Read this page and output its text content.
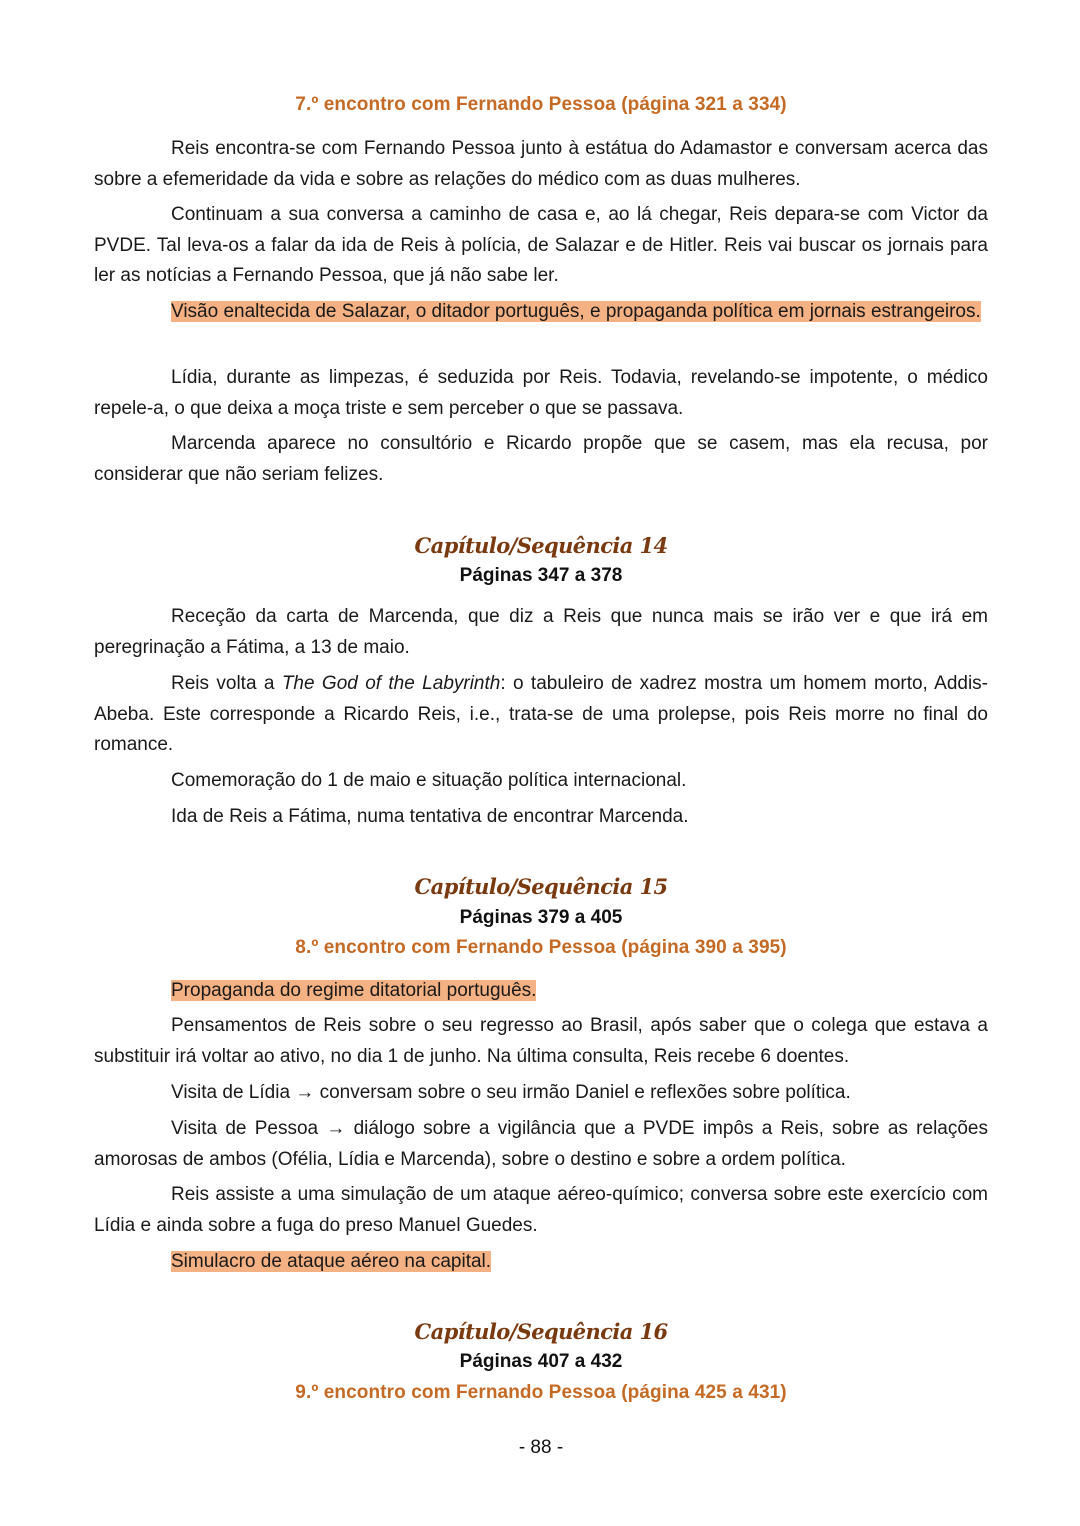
7.º encontro com Fernando Pessoa (página 321 a 334)

Reis encontra-se com Fernando Pessoa junto à estátua do Adamastor e conversam acerca das sobre a efemeridade da vida e sobre as relações do médico com as duas mulheres.

Continuam a sua conversa a caminho de casa e, ao lá chegar, Reis depara-se com Victor da PVDE. Tal leva-os a falar da ida de Reis à polícia, de Salazar e de Hitler. Reis vai buscar os jornais para ler as notícias a Fernando Pessoa, que já não sabe ler.

Visão enaltecida de Salazar, o ditador português, e propaganda política em jornais estrangeiros.

Lídia, durante as limpezas, é seduzida por Reis. Todavia, revelando-se impotente, o médico repele-a, o que deixa a moça triste e sem perceber o que se passava.

Marcenda aparece no consultório e Ricardo propõe que se casem, mas ela recusa, por considerar que não seriam felizes.

Capítulo/Sequência 14
Páginas 347 a 378

Receção da carta de Marcenda, que diz a Reis que nunca mais se irão ver e que irá em peregrinação a Fátima, a 13 de maio.

Reis volta a The God of the Labyrinth: o tabuleiro de xadrez mostra um homem morto, Addis-Abeba. Este corresponde a Ricardo Reis, i.e., trata-se de uma prolepse, pois Reis morre no final do romance.

Comemoração do 1 de maio e situação política internacional.

Ida de Reis a Fátima, numa tentativa de encontrar Marcenda.

Capítulo/Sequência 15
Páginas 379 a 405
8.º encontro com Fernando Pessoa (página 390 a 395)

Propaganda do regime ditatorial português.

Pensamentos de Reis sobre o seu regresso ao Brasil, após saber que o colega que estava a substituir irá voltar ao ativo, no dia 1 de junho. Na última consulta, Reis recebe 6 doentes.

Visita de Lídia → conversam sobre o seu irmão Daniel e reflexões sobre política.

Visita de Pessoa → diálogo sobre a vigilância que a PVDE impôs a Reis, sobre as relações amorosas de ambos (Ofélia, Lídia e Marcenda), sobre o destino e sobre a ordem política.

Reis assiste a uma simulação de um ataque aéreo-químico; conversa sobre este exercício com Lídia e ainda sobre a fuga do preso Manuel Guedes.

Simulacro de ataque aéreo na capital.

Capítulo/Sequência 16
Páginas 407 a 432
9.º encontro com Fernando Pessoa (página 425 a 431)
- 88 -
